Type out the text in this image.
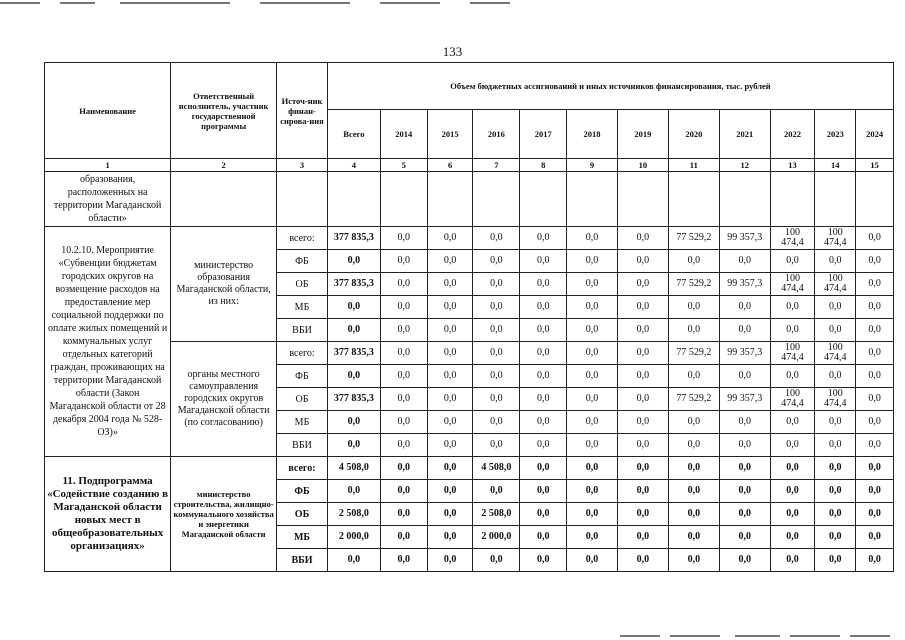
133
Наименование	Ответственный исполнитель, участник государственной программы	Источ-ник финан-сирова-ния	Объем бюджетных ассигнований и иных источников финансирования, тыс. рублей											
			Всего	2014	2015	2016	2017	2018	2019	2020	2021	2022	2023	2024
1	2	3	4	5	6	7	8	9	10	11	12	13	14	15
образования, расположенных на территории Магаданской области»														
10.2.10. Мероприятие «Субвенции бюджетам городских округов на возмещение расходов на предоставление мер социальной поддержки по оплате жилых помещений и коммунальных услуг отдельных категорий граждан, проживающих на территории Магаданской области (Закон Магаданской области от 28 декабря 2004 года № 528-ОЗ)»	министерство образования Магаданской области, из них:	всего:	377 835,3	0,0	0,0	0,0	0,0	0,0	0,0	77 529,2	99 357,3	100 474,4	100 474,4	0,0
		ФБ	0,0	0,0	0,0	0,0	0,0	0,0	0,0	0,0	0,0	0,0	0,0	0,0
		ОБ	377 835,3	0,0	0,0	0,0	0,0	0,0	0,0	77 529,2	99 357,3	100 474,4	100 474,4	0,0
		МБ	0,0	0,0	0,0	0,0	0,0	0,0	0,0	0,0	0,0	0,0	0,0	0,0
		ВБИ	0,0	0,0	0,0	0,0	0,0	0,0	0,0	0,0	0,0	0,0	0,0	0,0
	органы местного самоуправления городских округов Магаданской области (по согласованию)	всего:	377 835,3	0,0	0,0	0,0	0,0	0,0	0,0	77 529,2	99 357,3	100 474,4	100 474,4	0,0
		ФБ	0,0	0,0	0,0	0,0	0,0	0,0	0,0	0,0	0,0	0,0	0,0	0,0
		ОБ	377 835,3	0,0	0,0	0,0	0,0	0,0	0,0	77 529,2	99 357,3	100 474,4	100 474,4	0,0
		МБ	0,0	0,0	0,0	0,0	0,0	0,0	0,0	0,0	0,0	0,0	0,0	0,0
		ВБИ	0,0	0,0	0,0	0,0	0,0	0,0	0,0	0,0	0,0	0,0	0,0	0,0
11. Подпрограмма «Содействие созданию в Магаданской области новых мест в общеобразовательных организациях»	министерство строительства, жилищно-коммунального хозяйства и энергетики Магаданской области	всего:	4 508,0	0,0	0,0	4 508,0	0,0	0,0	0,0	0,0	0,0	0,0	0,0	0,0
		ФБ	0,0	0,0	0,0	0,0	0,0	0,0	0,0	0,0	0,0	0,0	0,0	0,0
		ОБ	2 508,0	0,0	0,0	2 508,0	0,0	0,0	0,0	0,0	0,0	0,0	0,0	0,0
		МБ	2 000,0	0,0	0,0	2 000,0	0,0	0,0	0,0	0,0	0,0	0,0	0,0	0,0
		ВБИ	0,0	0,0	0,0	0,0	0,0	0,0	0,0	0,0	0,0	0,0	0,0	0,0
